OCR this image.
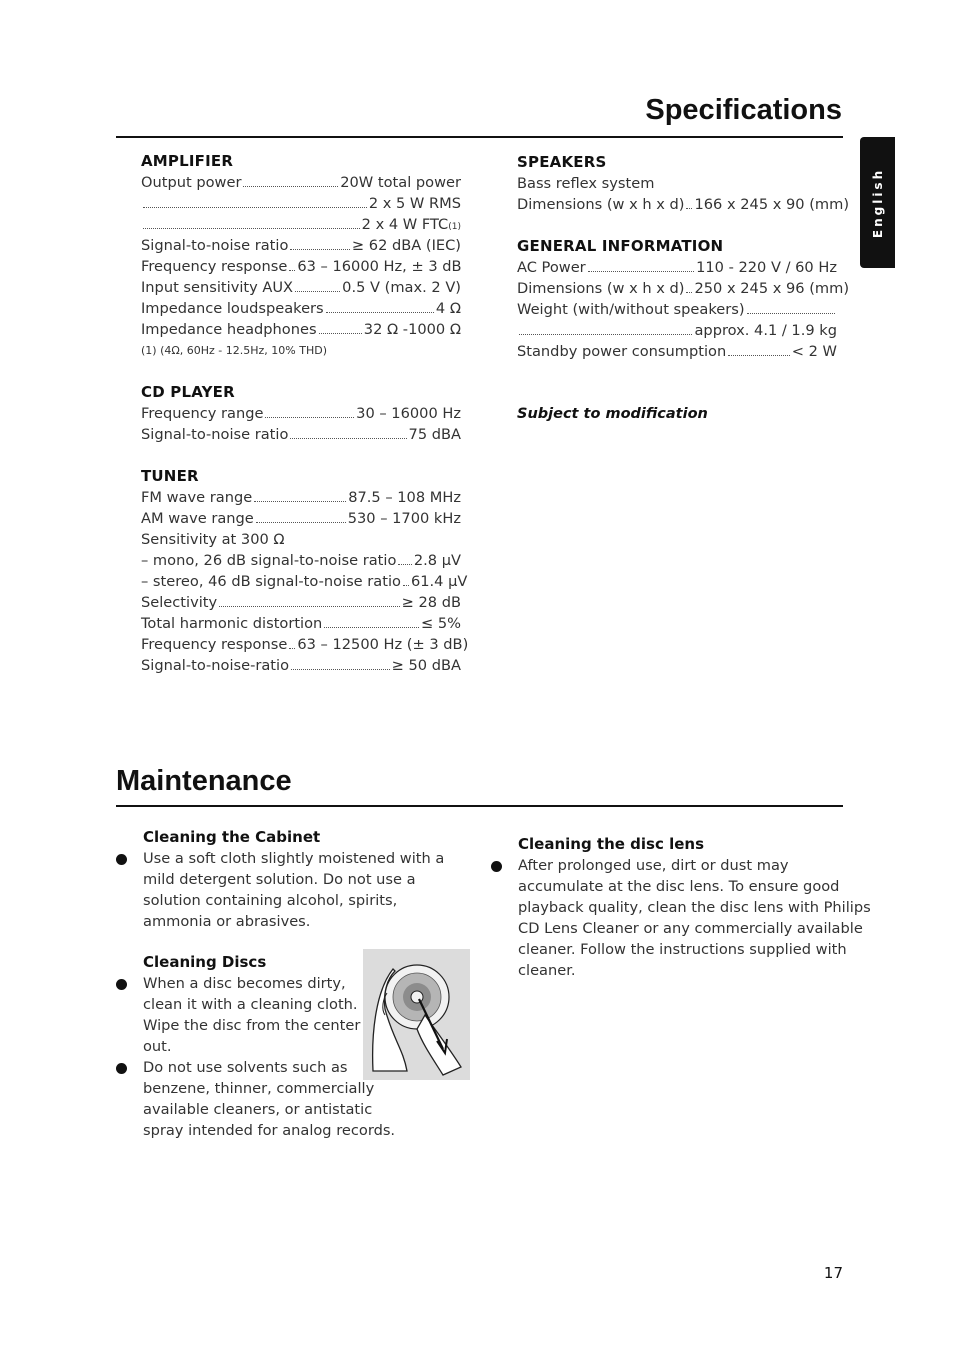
Specifications
English
AMPLIFIER
Output power	20W total power
2 x 5 W RMS
2 x 4 W $FTC_{(1)}$
Signal-to-noise ratio	≥ 62 dBA (IEC)
Frequency response 63 – 16000 Hz, ± 3 dB
Input sensitivity AUX	0.5 V (max. 2 V)
Impedance loudspeakers	4 Ω
Impedance headphones	32 Ω -1000 Ω
(1) (4Ω, 60Hz - 12.5Hz, 10% THD)
CD PLAYER
Frequency range	30 – 16000 Hz
Signal-to-noise ratio	75 dBA
TUNER
FM wave range	87.5 – 108 MHz
AM wave range	530 – 1700 kHz
Sensitivity at 300 Ω
– mono, 26 dB signal-to-noise ratio 2.8 µV
– stereo, 46 dB signal-to-noise ratio 61.4 µV
Selectivity	≥ 28 dB
Total harmonic distortion	≤ 5%
Frequency response 63 – 12500 Hz (± 3 dB)
Signal-to-noise-ratio	≥ 50 dBA
SPEAKERS
Bass reflex system
Dimensions (w x h x d) 166 x 245 x 90 (mm)
GENERAL INFORMATION
AC Power	110 - 220 V / 60 Hz
Dimensions (w x h x d) 250 x 245 x 96 (mm)
Weight (with/without speakers)
approx. 4.1 / 1.9 kg
Standby power consumption	< 2 W
Subject to modification
Maintenance
Cleaning the Cabinet
Use a soft cloth slightly moistened with a mild detergent solution. Do not use a solution containing alcohol, spirits, ammonia or abrasives.
Cleaning Discs
When a disc becomes dirty,
clean it with a cleaning cloth.
Wipe the disc from the center
out.
Do not use solvents such as
benzene, thinner, commercially
available cleaners, or antistatic
spray intended for analog records.
Cleaning the disc lens
After prolonged use, dirt or dust may
accumulate at the disc lens. To ensure good
playback quality, clean the disc lens with Philips
CD Lens Cleaner or any commercially available
cleaner. Follow the instructions supplied with
cleaner.
17
